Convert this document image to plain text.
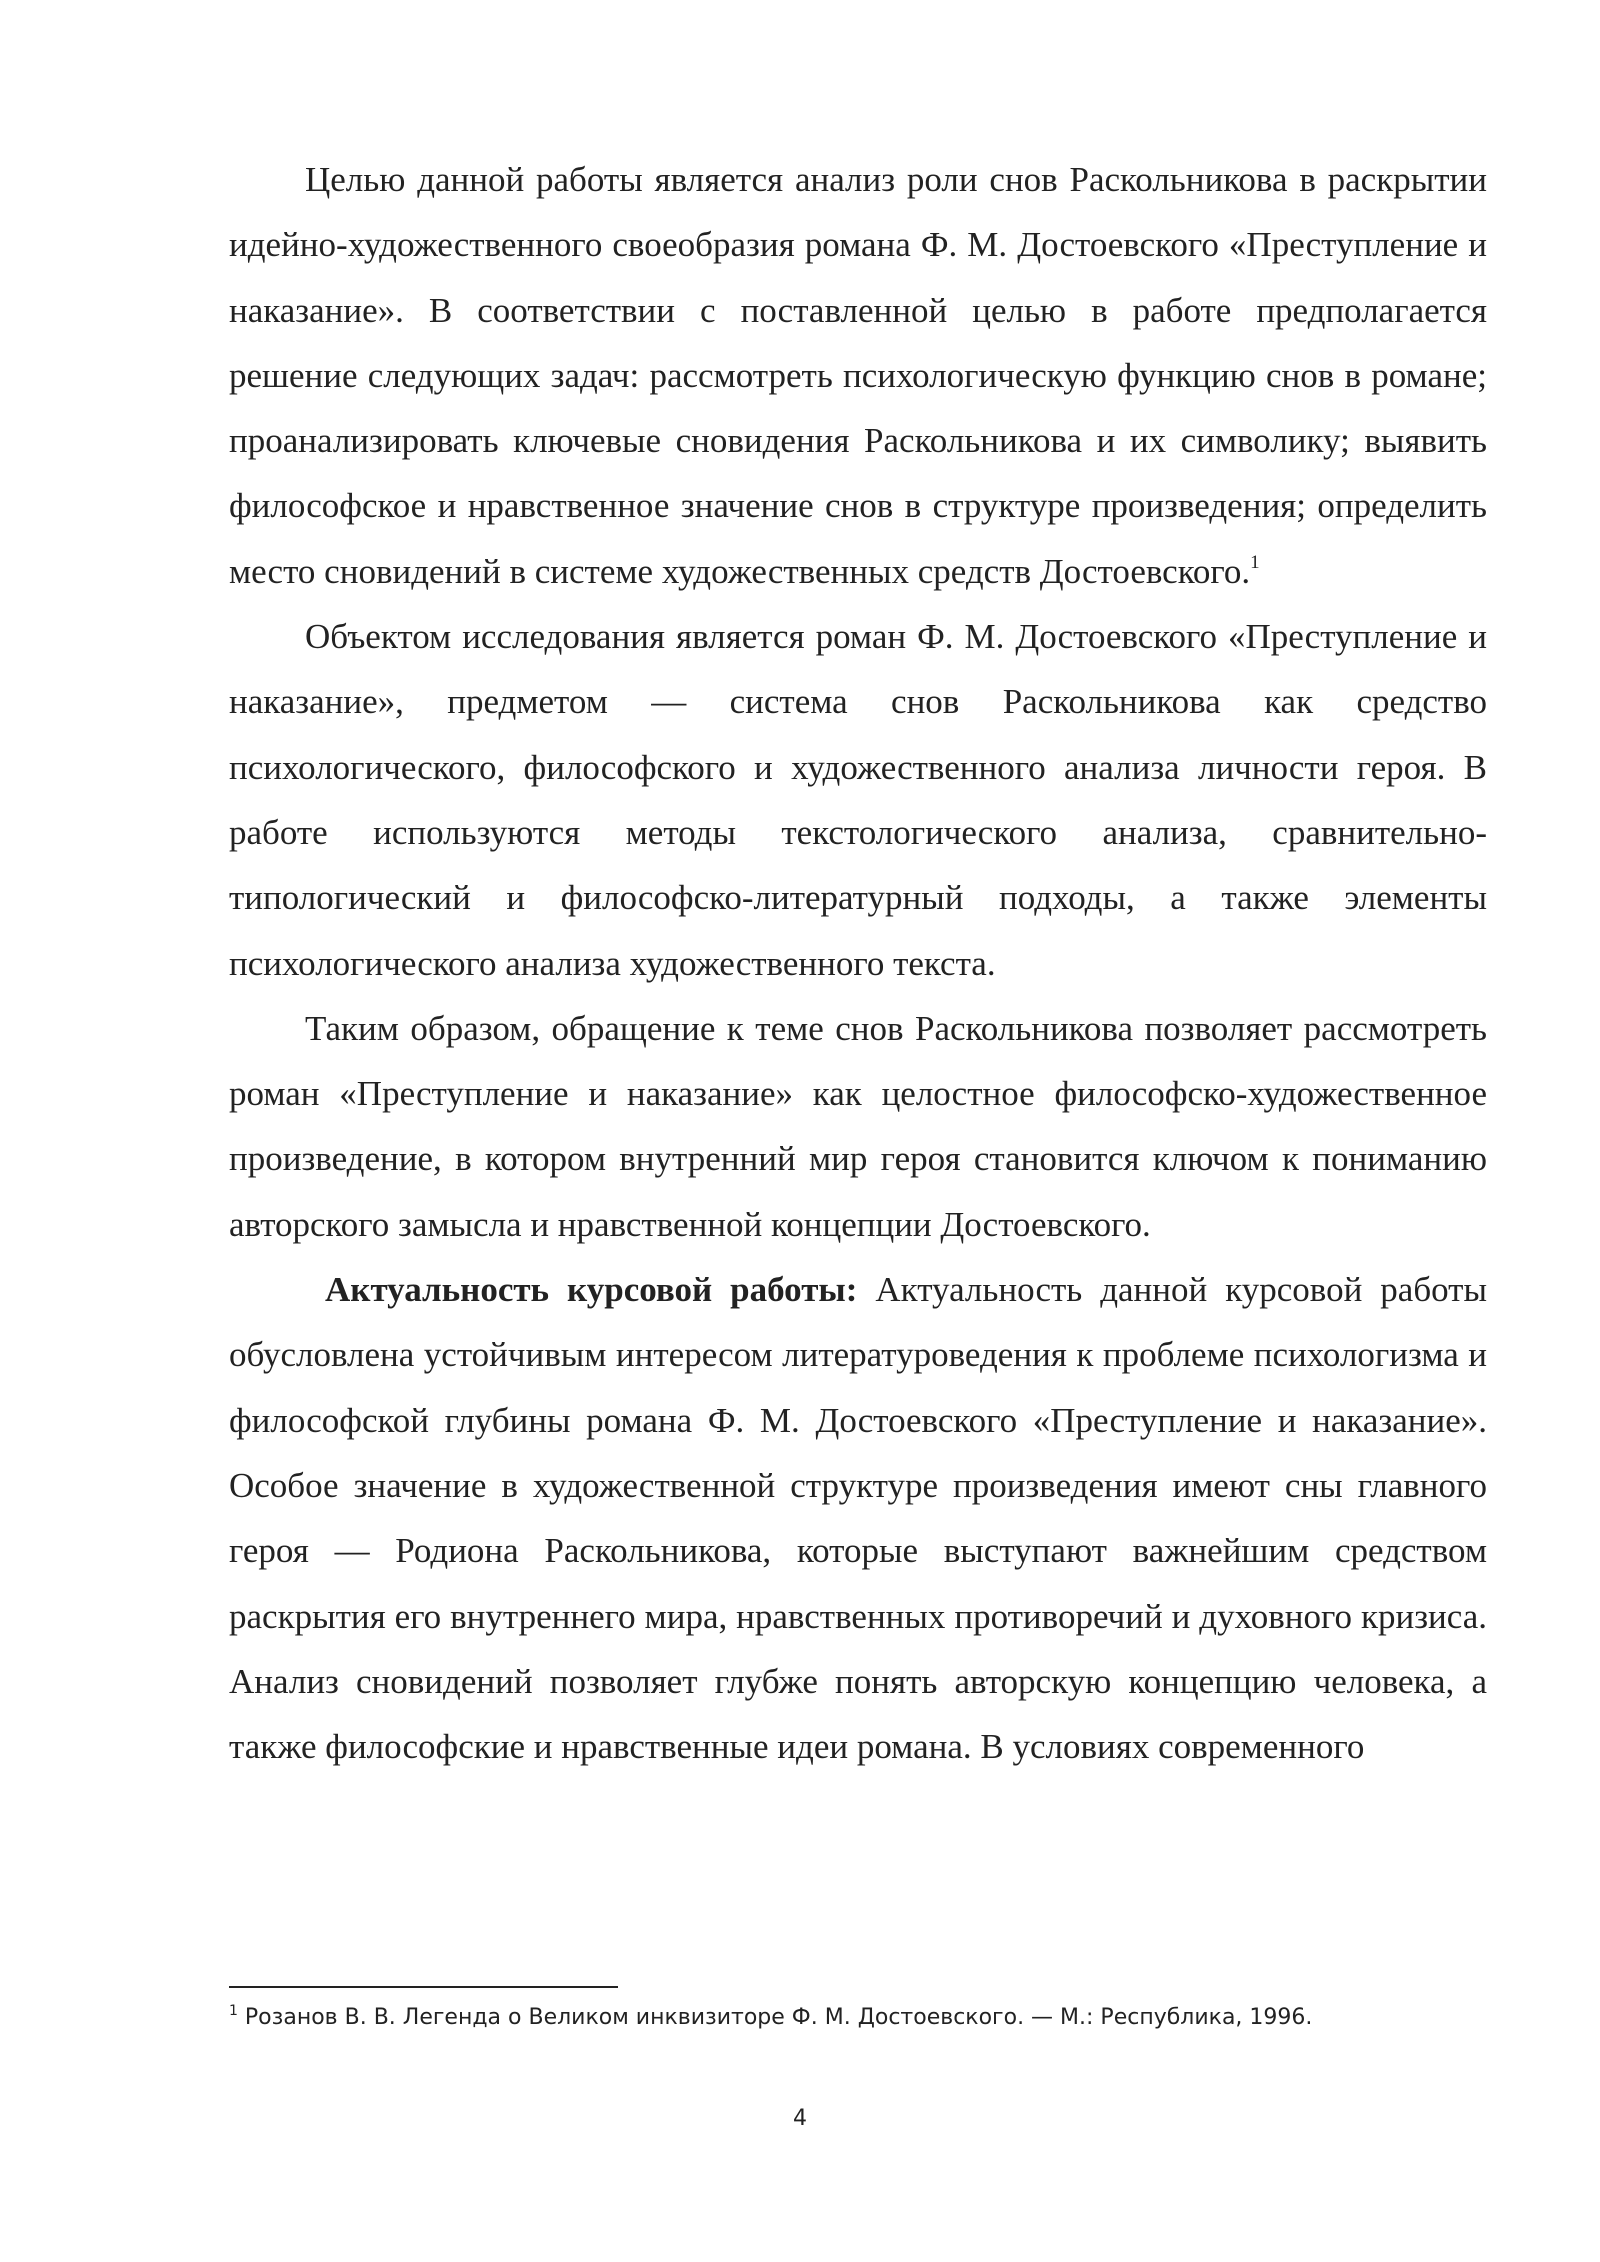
Целью данной работы является анализ роли снов Раскольникова в раскрытии идейно-художественного своеобразия романа Ф. М. Достоевского «Преступление и наказание». В соответствии с поставленной целью в работе предполагается решение следующих задач: рассмотреть психологическую функцию снов в романе; проанализировать ключевые сновидения Раскольникова и их символику; выявить философское и нравственное значение снов в структуре произведения; определить место сновидений в системе художественных средств Достоевского.$^1$

Объектом исследования является роман Ф. М. Достоевского «Преступление и наказание», предметом — система снов Раскольникова как средство психологического, философского и художественного анализа личности героя. В работе используются методы текстологического анализа, сравнительно-типологический и философско-литературный подходы, а также элементы психологического анализа художественного текста.

Таким образом, обращение к теме снов Раскольникова позволяет рассмотреть роман «Преступление и наказание» как целостное философско-художественное произведение, в котором внутренний мир героя становится ключом к пониманию авторского замысла и нравственной концепции Достоевского.

Актуальность курсовой работы: Актуальность данной курсовой работы обусловлена устойчивым интересом литературоведения к проблеме психологизма и философской глубины романа Ф. М. Достоевского «Преступление и наказание». Особое значение в художественной структуре произведения имеют сны главного героя — Родиона Раскольникова, которые выступают важнейшим средством раскрытия его внутреннего мира, нравственных противоречий и духовного кризиса. Анализ сновидений позволяет глубже понять авторскую концепцию человека, а также философские и нравственные идеи романа. В условиях современного

$^1$ Розанов В. В. Легенда о Великом инквизиторе Ф. М. Достоевского. — М.: Республика, 1996.
4
